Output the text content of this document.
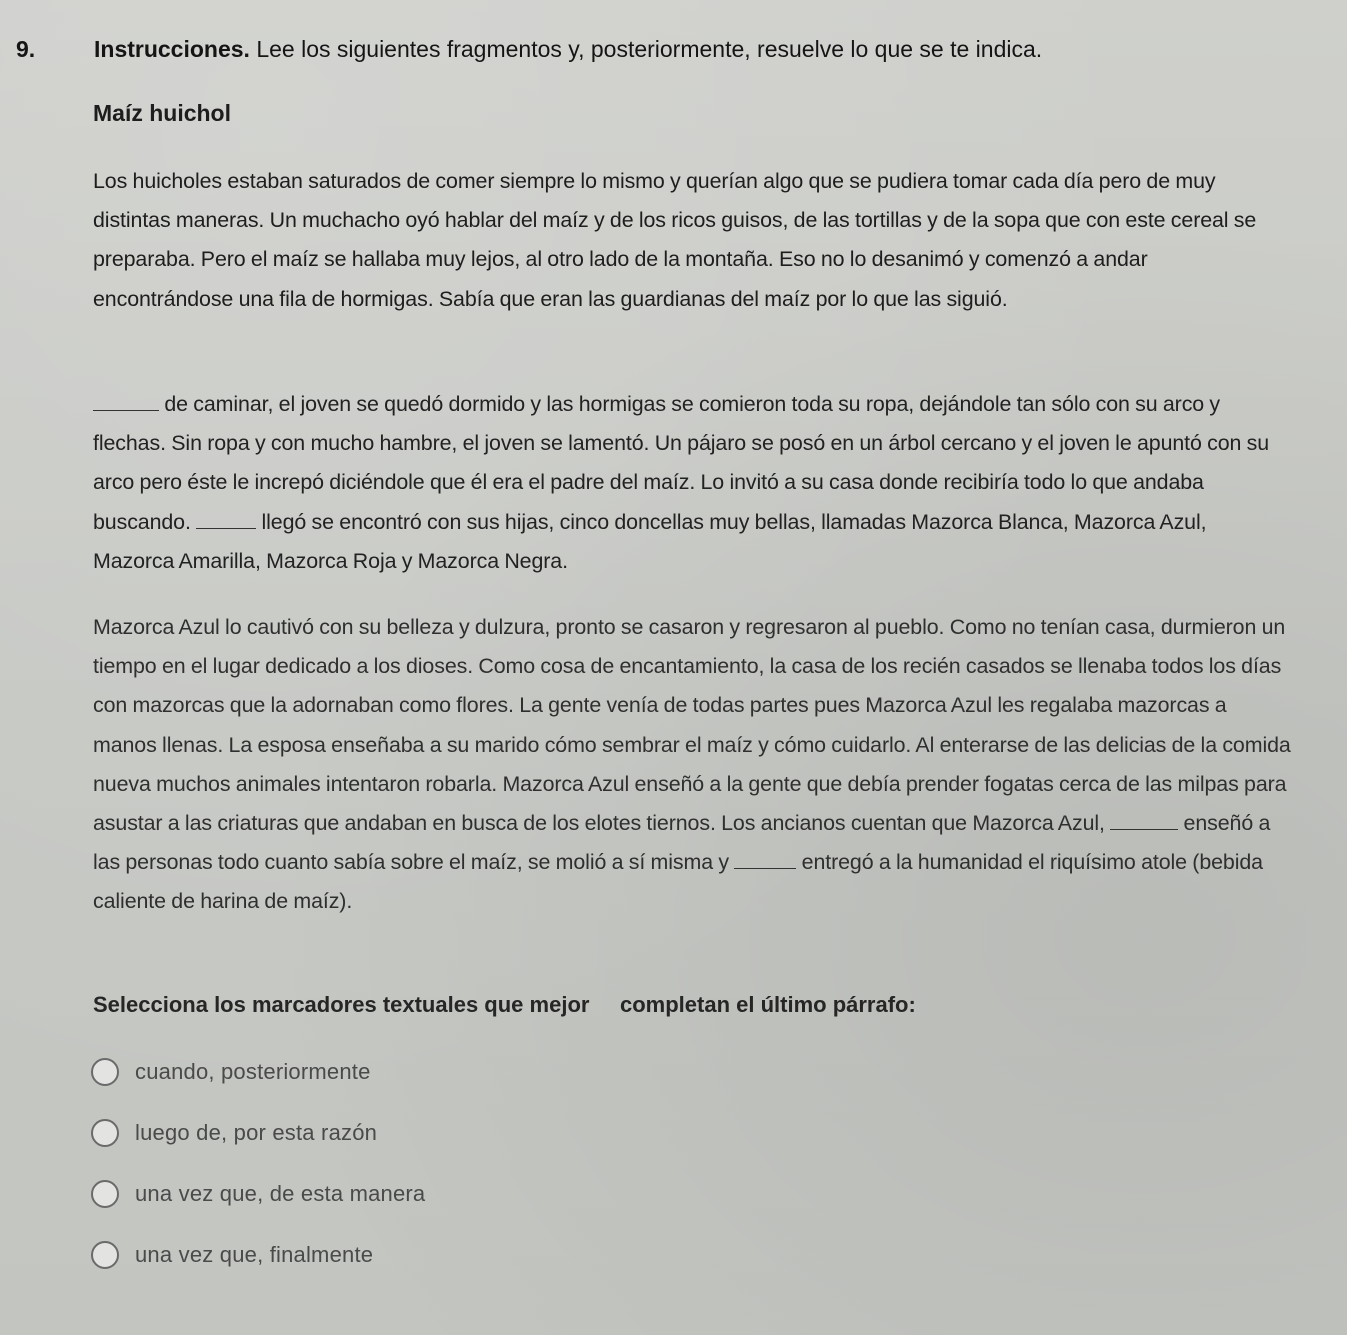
9.	Instrucciones. Lee los siguientes fragmentos y, posteriormente, resuelve lo que se te indica.
Maíz huichol
Los huicholes estaban saturados de comer siempre lo mismo y querían algo que se pudiera tomar cada día pero de muy distintas maneras. Un muchacho oyó hablar del maíz y de los ricos guisos, de las tortillas y de la sopa que con este cereal se preparaba. Pero el maíz se hallaba muy lejos, al otro lado de la montaña. Eso no lo desanimó y comenzó a andar encontrándose una fila de hormigas. Sabía que eran las guardianas del maíz por lo que las siguió.
de caminar, el joven se quedó dormido y las hormigas se comieron toda su ropa, dejándole tan sólo con su arco y flechas. Sin ropa y con mucho hambre, el joven se lamentó. Un pájaro se posó en un árbol cercano y el joven le apuntó con su arco pero éste le increpó diciéndole que él era el padre del maíz. Lo invitó a su casa donde recibiría todo lo que andaba buscando.	llegó se encontró con sus hijas, cinco doncellas muy bellas, llamadas Mazorca Blanca, Mazorca Azul, Mazorca Amarilla, Mazorca Roja y Mazorca Negra.
Mazorca Azul lo cautivó con su belleza y dulzura, pronto se casaron y regresaron al pueblo. Como no tenían casa, durmieron un tiempo en el lugar dedicado a los dioses. Como cosa de encantamiento, la casa de los recién casados se llenaba todos los días con mazorcas que la adornaban como flores. La gente venía de todas partes pues Mazorca Azul les regalaba mazorcas a manos llenas. La esposa enseñaba a su marido cómo sembrar el maíz y cómo cuidarlo. Al enterarse de las delicias de la comida nueva muchos animales intentaron robarla. Mazorca Azul enseñó a la gente que debía prender fogatas cerca de las milpas para asustar a las criaturas que andaban en busca de los elotes tiernos. Los ancianos cuentan que Mazorca Azul,	enseñó a las personas todo cuanto sabía sobre el maíz, se molió a sí misma y	entregó a la humanidad el riquísimo atole (bebida caliente de harina de maíz).
Selecciona los marcadores textuales que mejor     completan el último párrafo:
cuando, posteriormente
luego de, por esta razón
una vez que, de esta manera
una vez que, finalmente
